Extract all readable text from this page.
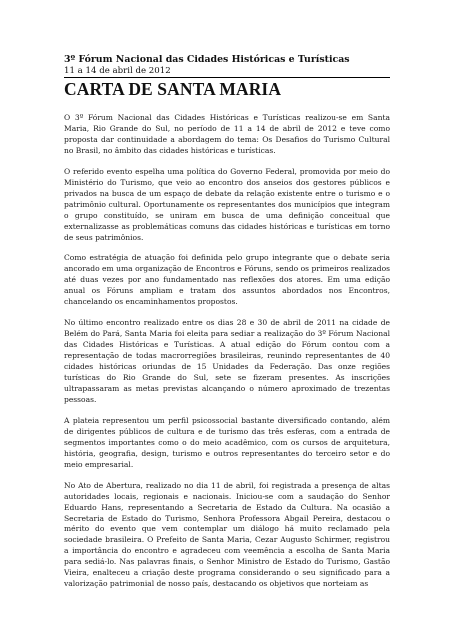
3º Fórum Nacional das Cidades Históricas e Turísticas
11 a 14 de abril de 2012
CARTA DE SANTA MARIA

O 3º Fórum Nacional das Cidades Históricas e Turísticas realizou-se em Santa Maria, Rio Grande do Sul, no período de 11 a 14 de abril de 2012 e teve como proposta dar continuidade a abordagem do tema: Os Desafios do Turismo Cultural no Brasil, no âmbito das cidades históricas e turísticas.

O referido evento espelha uma política do Governo Federal, promovida por meio do Ministério do Turismo, que veio ao encontro dos anseios dos gestores públicos e privados na busca de um espaço de debate da relação existente entre o turismo e o patrimônio cultural. Oportunamente os representantes dos municípios que integram o grupo constituído, se uniram em busca de uma definição conceitual que externalizasse as problemáticas comuns das cidades históricas e turísticas em torno de seus patrimônios.

Como estratégia de atuação foi definida pelo grupo integrante que o debate seria ancorado em uma organização de Encontros e Fóruns, sendo os primeiros realizados até duas vezes por ano fundamentado nas reflexões dos atores. Em uma edição anual os Fóruns ampliam e tratam dos assuntos abordados nos Encontros, chancelando os encaminhamentos propostos.

No último encontro realizado entre os dias 28 e 30 de abril de 2011 na cidade de Belém do Pará, Santa Maria foi eleita para sediar a realização do 3º Fórum Nacional das Cidades Históricas e Turísticas. A atual edição do Fórum contou com a representação de todas macrorregiões brasileiras, reunindo representantes de 40 cidades históricas oriundas de 15 Unidades da Federação. Das onze regiões turísticas do Rio Grande do Sul, sete se fizeram presentes. As inscrições ultrapassaram as metas previstas alcançando o número aproximado de trezentas pessoas.

A plateia representou um perfil psicossocial bastante diversificado contando, além de dirigentes públicos de cultura e de turismo das três esferas, com a entrada de segmentos importantes como o do meio acadêmico, com os cursos de arquitetura, história, geografia, design, turismo e outros representantes do terceiro setor e do meio empresarial.

No Ato de Abertura, realizado no dia 11 de abril, foi registrada a presença de altas autoridades locais, regionais e nacionais. Iniciou-se com a saudação do Senhor Eduardo Hans, representando a Secretaria de Estado da Cultura. Na ocasião a Secretaria de Estado do Turismo, Senhora Professora Abgail Pereira, destacou o mérito do evento que vem contemplar um diálogo há muito reclamado pela sociedade brasileira. O Prefeito de Santa Maria, Cezar Augusto Schirmer, registrou a importância do encontro e agradeceu com veemência a escolha de Santa Maria para sediá-lo. Nas palavras finais, o Senhor Ministro de Estado do Turismo, Gastão Vieira, enalteceu a criação deste programa considerando o seu significado para a valorização patrimonial de nosso país, destacando os objetivos que norteiam as
